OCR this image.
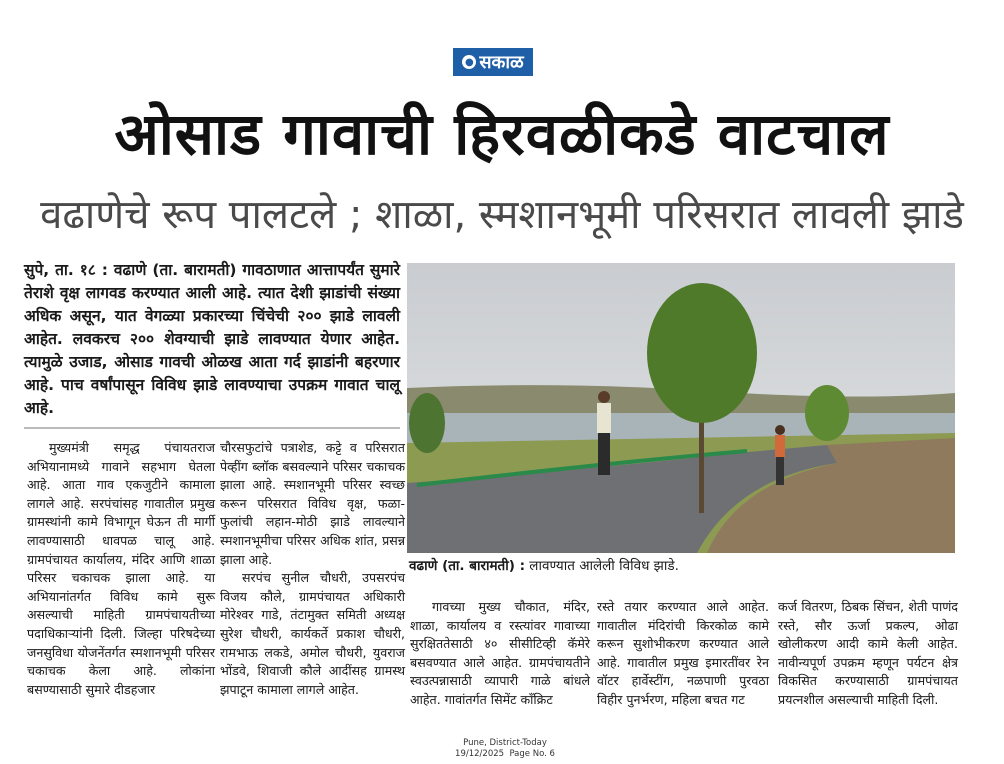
● सकाळ
ओसाड गावाची हिरवळीकडे वाटचाल
वढाणेचे रूप पालटले ; शाळा, स्मशानभूमी परिसरात लावली झाडे
सुपे, ता. १८ : वढाणे (ता. बारामती) गावठाणात आत्तापर्यंत सुमारे तेराशे वृक्ष लागवड करण्यात आली आहे. त्यात देशी झाडांची संख्या अधिक असून, यात वेगळ्या प्रकारच्या चिंचेची २०० झाडे लावली आहेत. लवकरच २०० शेवग्याची झाडे लावण्यात येणार आहेत. त्यामुळे उजाड, ओसाड गावची ओळख आता गर्द झाडांनी बहरणार आहे. पाच वर्षांपासून विविध झाडे लावण्याचा उपक्रम गावात चालू आहे.

मुख्यमंत्री समृद्ध पंचायतराज अभियानामध्ये गावाने सहभाग घेतला आहे. आता गाव एकजुटीने कामाला लागले आहे. सरपंचांसह गावातील प्रमुख ग्रामस्थांनी कामे विभागून घेऊन ती मार्गी लावण्यासाठी धावपळ चालू आहे. ग्रामपंचायत कार्यालय, मंदिर आणि शाळा परिसर चकाचक झाला आहे. या अभियानांतर्गत विविध कामे सुरू असल्याची माहिती ग्रामपंचायतीच्या पदाधिकाऱ्यांनी दिली. जिल्हा परिषदेच्या जनसुविधा योजनेंतर्गत स्मशानभूमी परिसर चकाचक केला आहे. लोकांना बसण्यासाठी सुमारे दीडहजार

चौरसफुटांचे पत्राशेड, कट्टे व परिसरात पेव्हींग ब्लॉक बसवल्याने परिसर चकाचक झाला आहे. स्मशानभूमी परिसर स्वच्छ करून परिसरात विविध वृक्ष, फळा-फुलांची लहान-मोठी झाडे लावल्याने स्मशानभूमीचा परिसर अधिक शांत, प्रसन्न झाला आहे.

सरपंच सुनील चौधरी, उपसरपंच विजय कौले, ग्रामपंचायत अधिकारी मोरेश्वर गाडे, तंटामुक्त समिती अध्यक्ष सुरेश चौधरी, कार्यकर्ते प्रकाश चौधरी, रामभाऊ लकडे, अमोल चौधरी, युवराज भोंडवे, शिवाजी कौले आदींसह ग्रामस्थ झपाटून कामाला लागले आहेत.

वढाणे (ता. बारामती) : लावण्यात आलेली विविध झाडे.

गावच्या मुख्य चौकात, मंदिर, शाळा, कार्यालय व रस्त्यांवर गावाच्या सुरक्षिततेसाठी ४० सीसीटिव्ही कॅमेरे बसवण्यात आले आहेत. ग्रामपंचायतीने स्वउत्पन्नासाठी व्यापारी गाळे बांधले आहेत. गावांतर्गत सिमेंट कॉंक्रिट

रस्ते तयार करण्यात आले आहेत. गावातील मंदिरांची किरकोळ कामे करून सुशोभीकरण करण्यात आले आहे. गावातील प्रमुख इमारतींवर रेन वॉटर हार्वेस्टींग, नळपाणी पुरवठा विहीर पुनर्भरण, महिला बचत गट

कर्ज वितरण, ठिबक सिंचन, शेती पाणंद रस्ते, सौर ऊर्जा प्रकल्प, ओढा खोलीकरण आदी कामे केली आहेत. नावीन्यपूर्ण उपक्रम म्हणून पर्यटन क्षेत्र विकसित करण्यासाठी ग्रामपंचायत प्रयत्नशील असल्याची माहिती दिली.

Pune, District-Today
19/12/2025  Page No. 6
